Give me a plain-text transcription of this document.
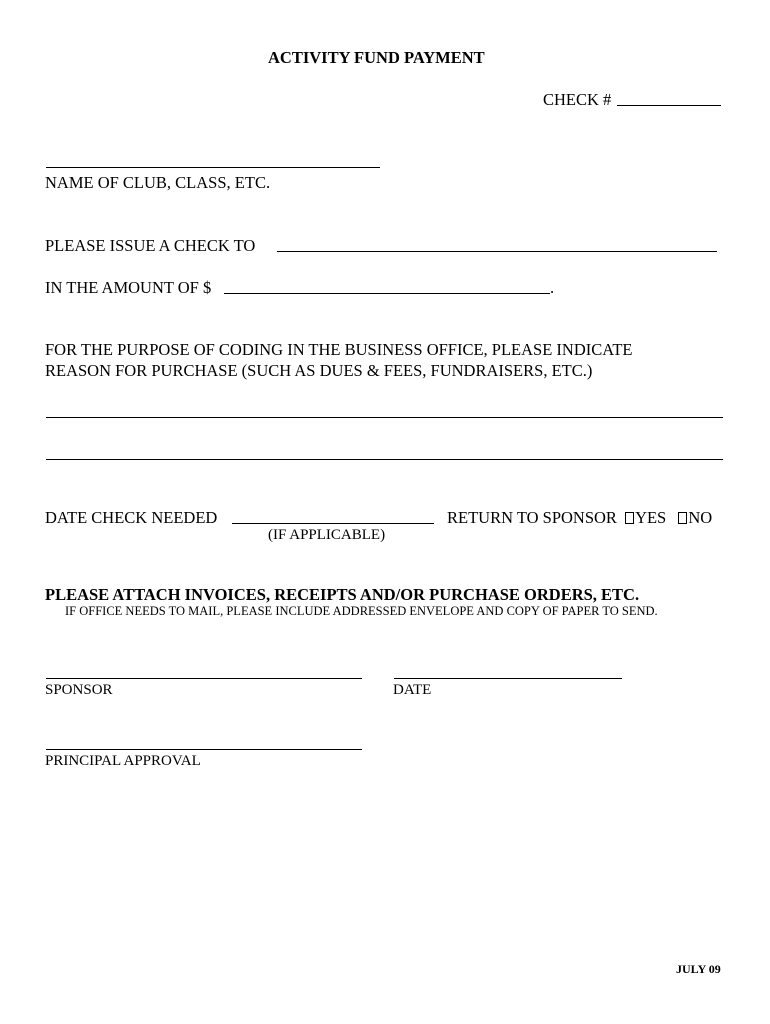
ACTIVITY FUND PAYMENT
CHECK #
NAME OF CLUB, CLASS, ETC.
PLEASE ISSUE A CHECK TO
IN THE AMOUNT OF $	.
FOR THE PURPOSE OF CODING IN THE BUSINESS OFFICE, PLEASE INDICATE
REASON FOR PURCHASE (SUCH AS DUES & FEES, FUNDRAISERS, ETC.)
DATE CHECK NEEDED
(IF APPLICABLE)
RETURN TO SPONSOR YES NO
PLEASE ATTACH INVOICES, RECEIPTS AND/OR PURCHASE ORDERS, ETC.
IF OFFICE NEEDS TO MAIL, PLEASE INCLUDE ADDRESSED ENVELOPE AND COPY OF PAPER TO SEND.
SPONSOR	DATE
PRINCIPAL APPROVAL
JULY 09
